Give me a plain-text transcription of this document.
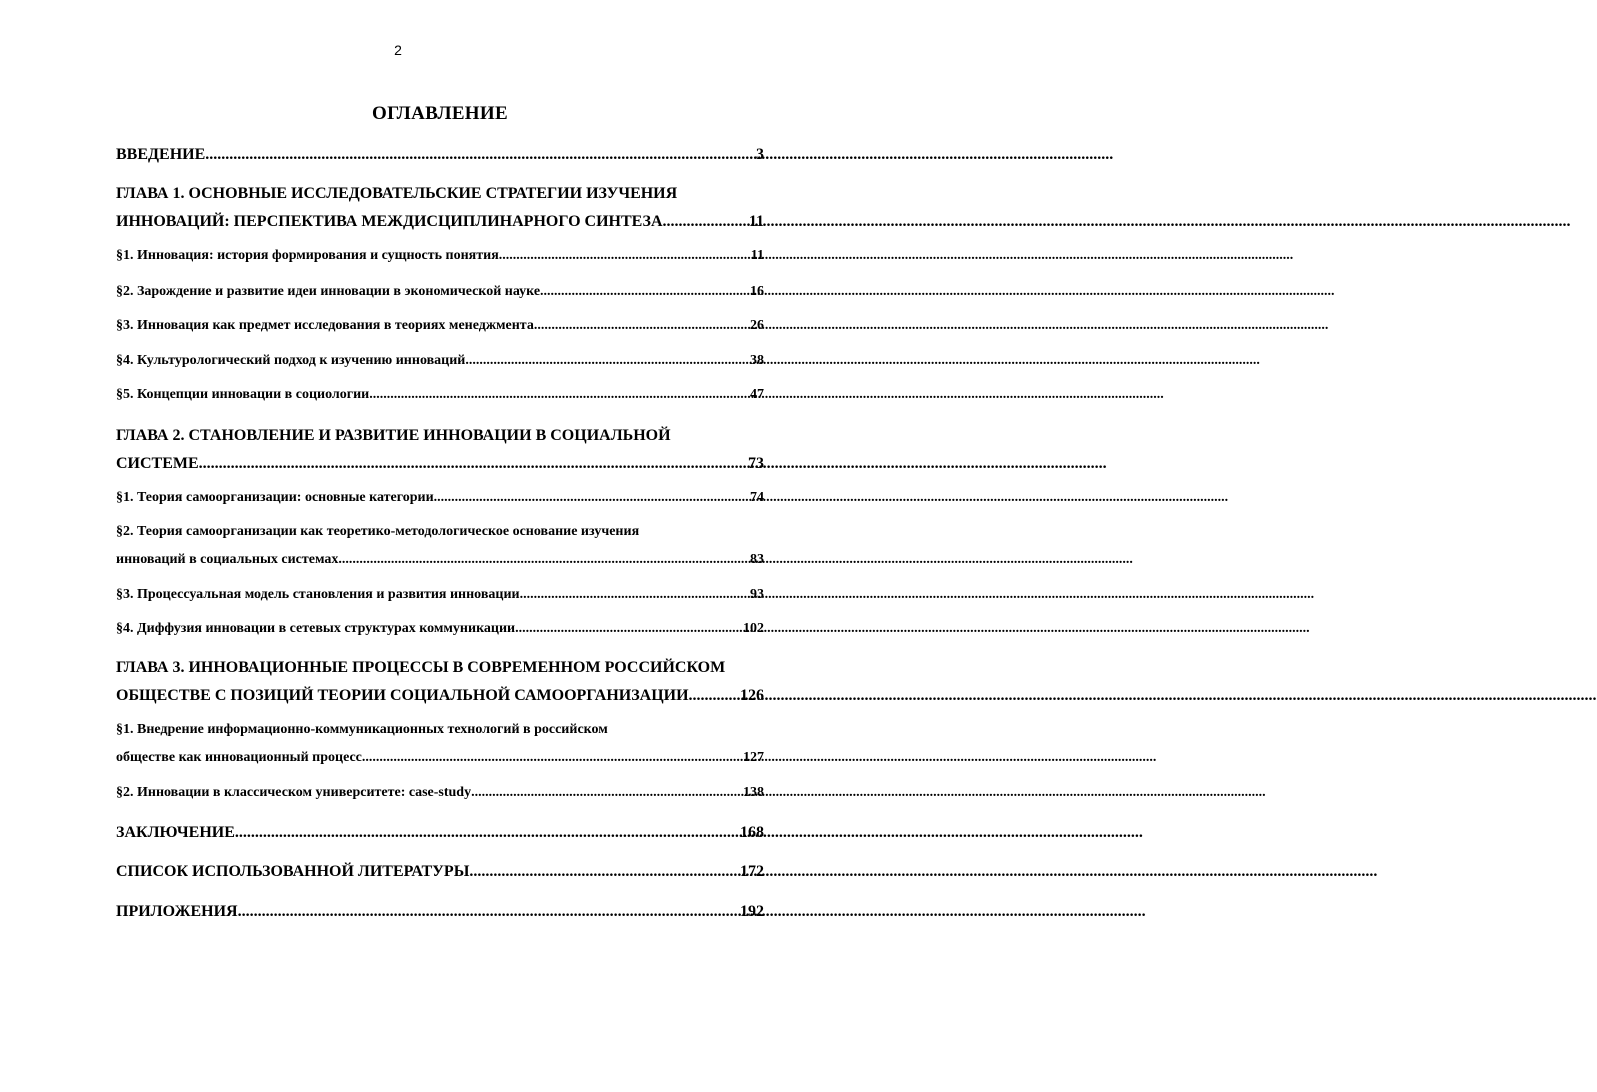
2
ОГЛАВЛЕНИЕ
ВВЕДЕНИЕ .....	3
ГЛАВА 1. ОСНОВНЫЕ ИССЛЕДОВАТЕЛЬСКИЕ СТРАТЕГИИ ИЗУЧЕНИЯ
ИННОВАЦИЙ: ПЕРСПЕКТИВА МЕЖДИСЦИПЛИНАРНОГО СИНТЕЗА .....	11
§1. Инновация: история формирования и сущность понятия .....	11
§2. Зарождение и развитие идеи инновации в экономической науке .....	16
§3. Инновация как предмет исследования в теориях менеджмента .....	26
§4. Культурологический подход к изучению инноваций .....	38
§5. Концепции инновации в социологии .....	47
ГЛАВА 2. СТАНОВЛЕНИЕ И РАЗВИТИЕ ИННОВАЦИИ В СОЦИАЛЬНОЙ
СИСТЕМЕ .....	73
§1. Теория самоорганизации: основные категории .....	74
§2. Теория самоорганизации как теоретико-методологическое основание изучения
инноваций в социальных системах .....	83
§3. Процессуальная модель становления и развития инновации .....	93
§4. Диффузия инновации в сетевых структурах коммуникации .....	102
ГЛАВА 3. ИННОВАЦИОННЫЕ ПРОЦЕССЫ В СОВРЕМЕННОМ РОССИЙСКОМ
ОБЩЕСТВЕ С ПОЗИЦИЙ ТЕОРИИ СОЦИАЛЬНОЙ САМООРГАНИЗАЦИИ .....	126
§1. Внедрение информационно-коммуникационных технологий в российском
обществе как инновационный процесс .....	127
§2. Инновации в классическом университете: case-study .....	138
ЗАКЛЮЧЕНИЕ .....	168
СПИСОК ИСПОЛЬЗОВАННОЙ ЛИТЕРАТУРЫ .....	172
ПРИЛОЖЕНИЯ .....	192
